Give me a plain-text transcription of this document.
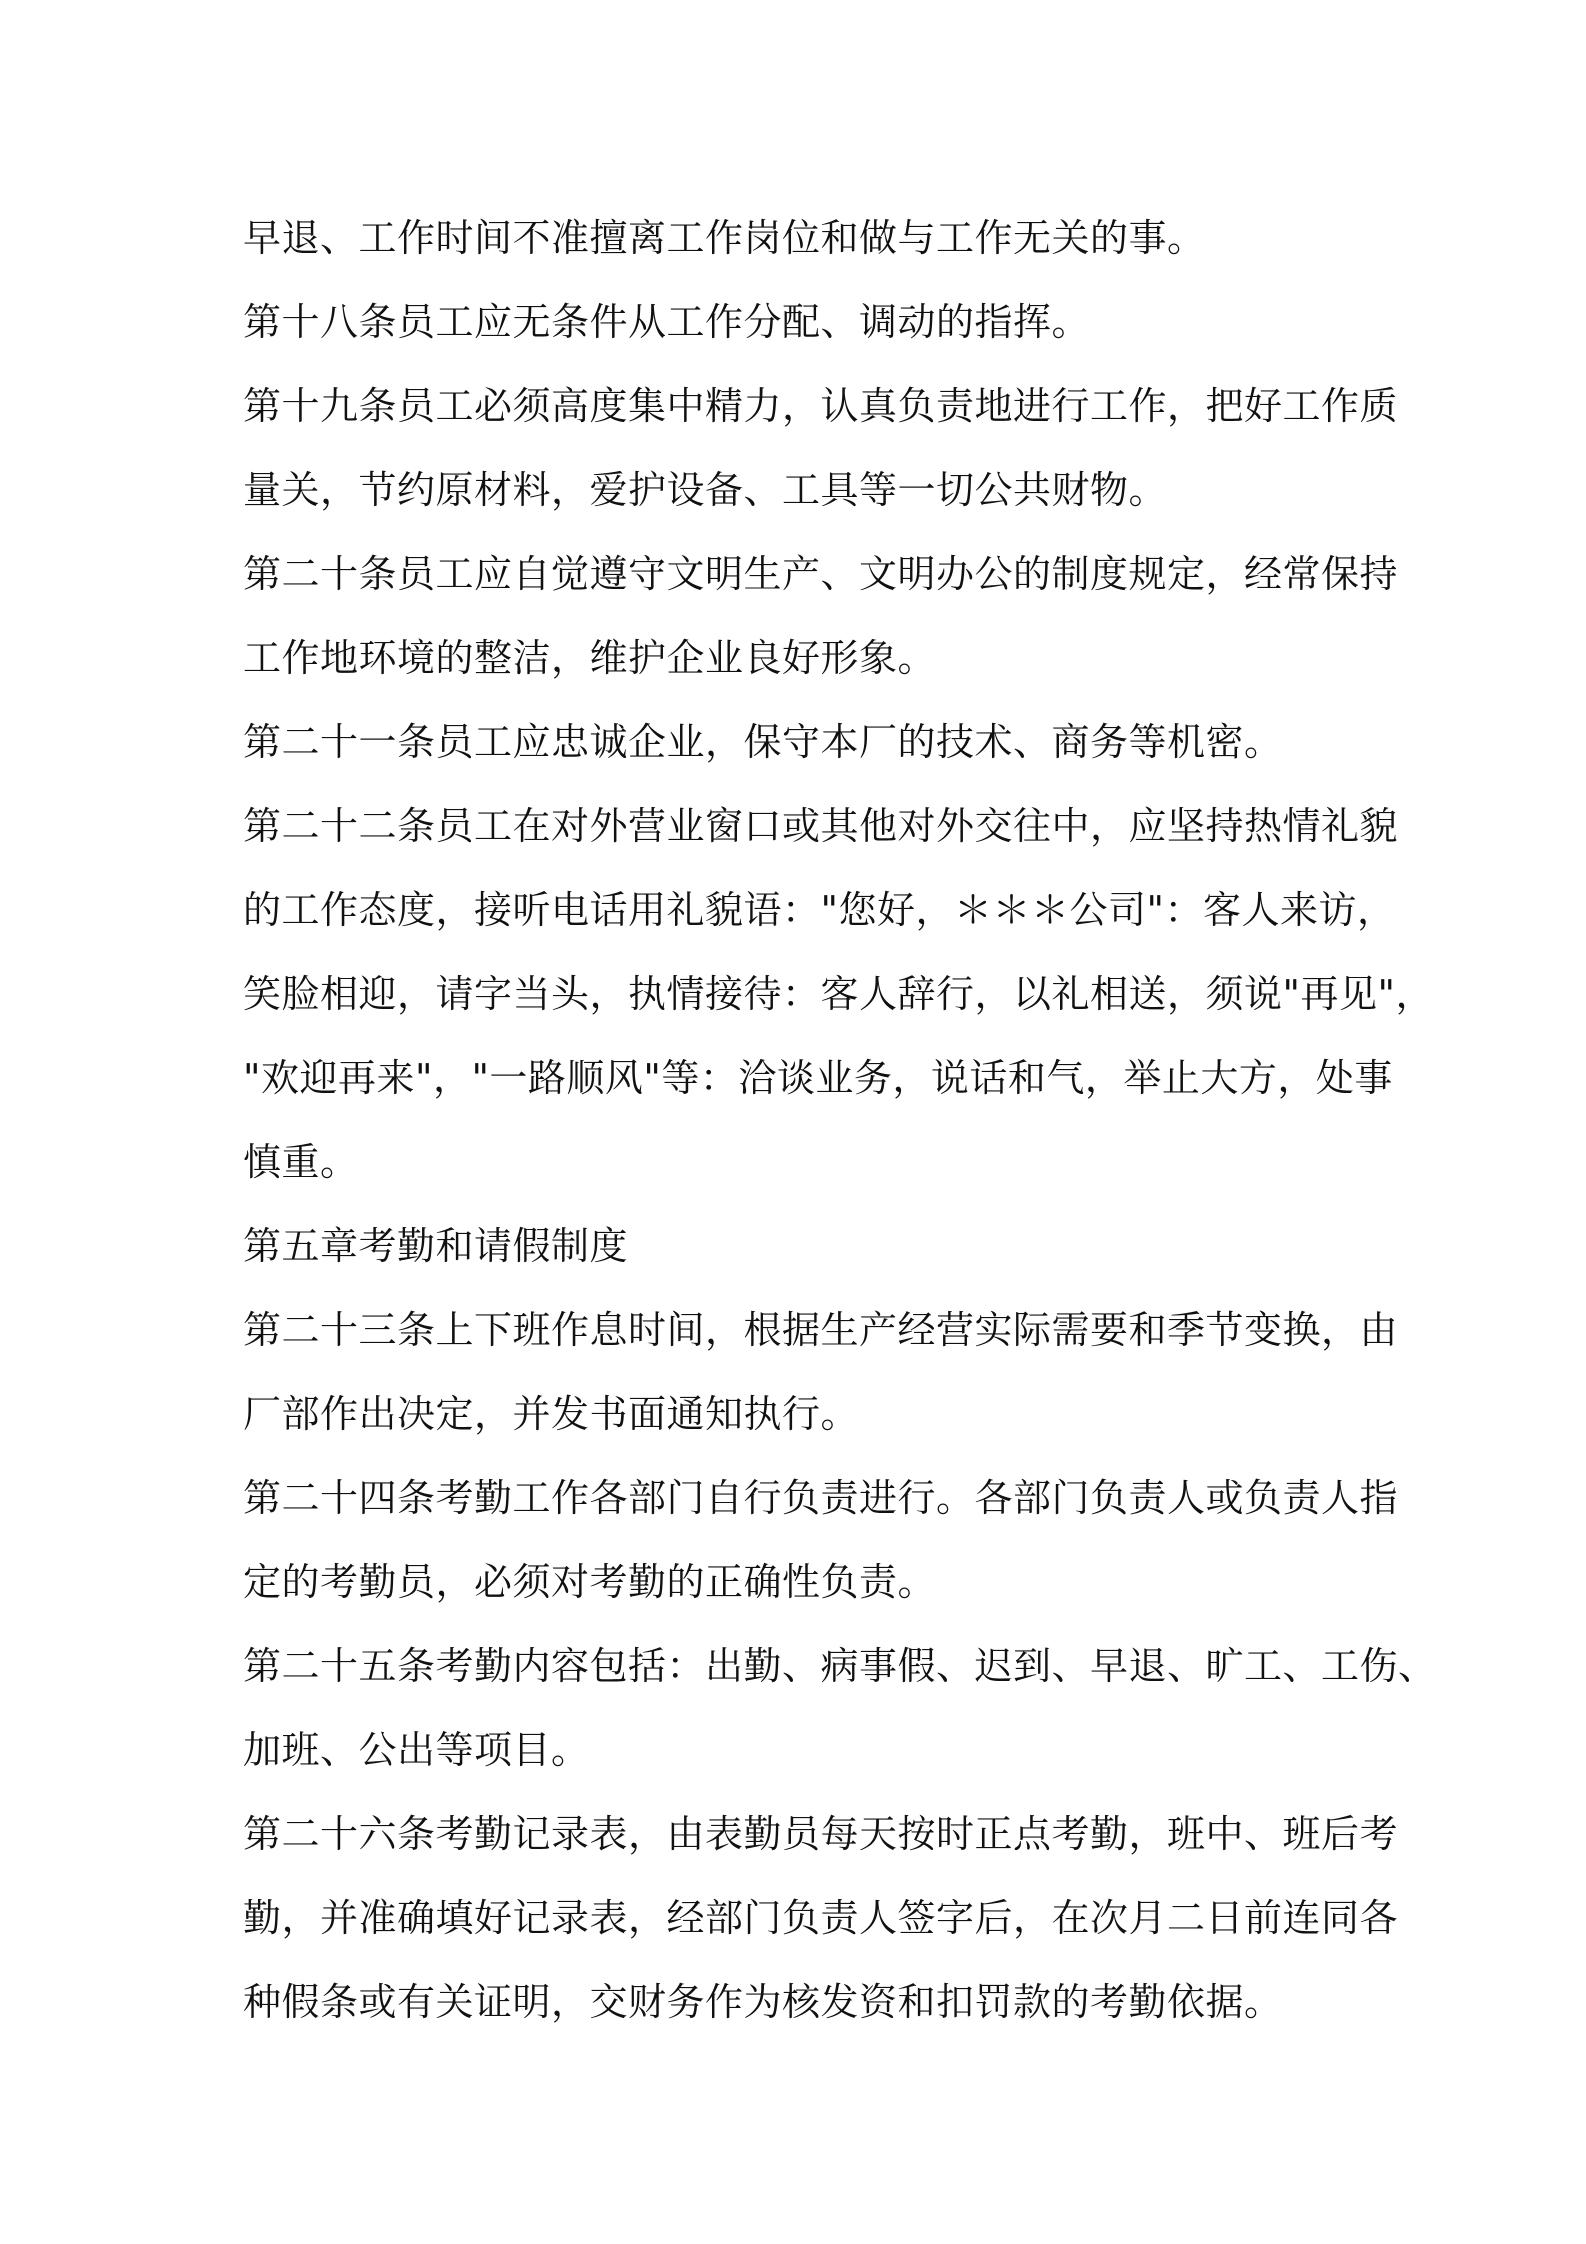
早退、工作时间不准擅离工作岗位和做与工作无关的事。

第十八条员工应无条件从工作分配、调动的指挥。

第十九条员工必须高度集中精力，认真负责地进行工作，把好工作质

量关，节约原材料，爱护设备、工具等一切公共财物。

第二十条员工应自觉遵守文明生产、文明办公的制度规定，经常保持

工作地环境的整洁，维护企业良好形象。

第二十一条员工应忠诚企业，保守本厂的技术、商务等机密。

第二十二条员工在对外营业窗口或其他对外交往中，应坚持热情礼貌

的工作态度，接听电话用礼貌语："您好，＊＊＊公司"：客人来访，

笑脸相迎，请字当头，执情接待：客人辞行，以礼相送，须说"再见"，

"欢迎再来"，"一路顺风"等：洽谈业务，说话和气，举止大方，处事

慎重。

第五章考勤和请假制度

第二十三条上下班作息时间，根据生产经营实际需要和季节变换，由

厂部作出决定，并发书面通知执行。

第二十四条考勤工作各部门自行负责进行。各部门负责人或负责人指

定的考勤员，必须对考勤的正确性负责。

第二十五条考勤内容包括：出勤、病事假、迟到、早退、旷工、工伤、

加班、公出等项目。

第二十六条考勤记录表，由表勤员每天按时正点考勤，班中、班后考

勤，并准确填好记录表，经部门负责人签字后，在次月二日前连同各

种假条或有关证明，交财务作为核发资和扣罚款的考勤依据。
